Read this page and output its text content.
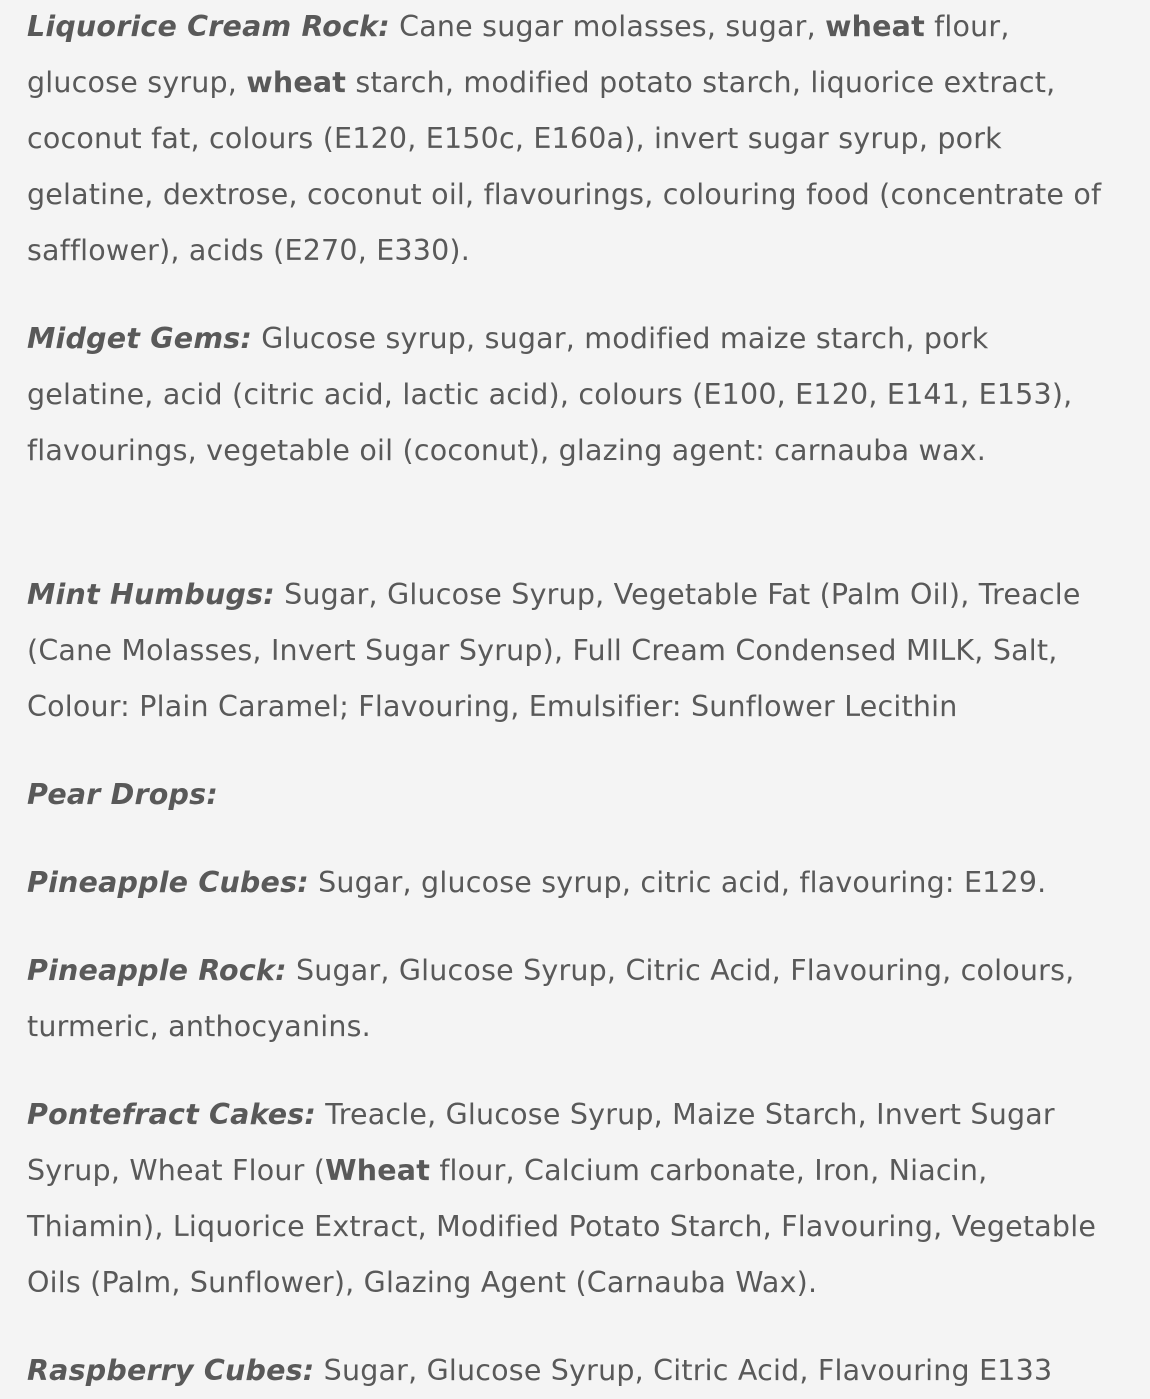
Liquorice Cream Rock: Cane sugar molasses, sugar, wheat flour, glucose syrup, wheat starch, modified potato starch, liquorice extract, coconut fat, colours (E120, E150c, E160a), invert sugar syrup, pork gelatine, dextrose, coconut oil, flavourings, colouring food (concentrate of safflower), acids (E270, E330).

Midget Gems: Glucose syrup, sugar, modified maize starch, pork gelatine, acid (citric acid, lactic acid), colours (E100, E120, E141, E153), flavourings, vegetable oil (coconut), glazing agent: carnauba wax.

Mint Humbugs: Sugar, Glucose Syrup, Vegetable Fat (Palm Oil), Treacle (Cane Molasses, Invert Sugar Syrup), Full Cream Condensed MILK, Salt, Colour: Plain Caramel; Flavouring, Emulsifier: Sunflower Lecithin

Pear Drops:

Pineapple Cubes: Sugar, glucose syrup, citric acid, flavouring: E129.

Pineapple Rock: Sugar, Glucose Syrup, Citric Acid, Flavouring, colours, turmeric, anthocyanins.

Pontefract Cakes: Treacle, Glucose Syrup, Maize Starch, Invert Sugar Syrup, Wheat Flour (Wheat flour, Calcium carbonate, Iron, Niacin, Thiamin), Liquorice Extract, Modified Potato Starch, Flavouring, Vegetable Oils (Palm, Sunflower), Glazing Agent (Carnauba Wax).

Raspberry Cubes: Sugar, Glucose Syrup, Citric Acid, Flavouring E133
